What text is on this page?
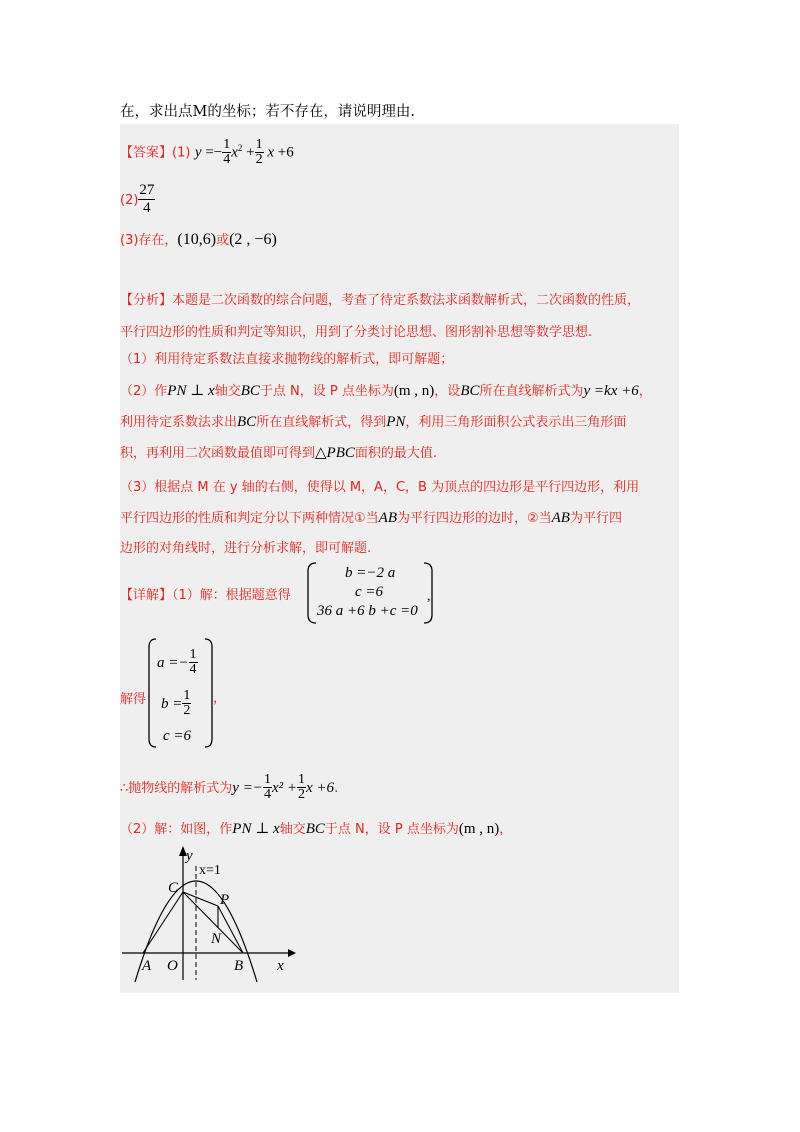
在，求出点M的坐标；若不存在，请说明理由.
【答案】(1) $y =- \frac{1}{4} x^2 + \frac{1}{2}$ x +6
$(2) \frac{27}{4}$
(3)存在，(10,6)或(2 , −6)
【分析】本题是二次函数的综合问题，考查了待定系数法求函数解析式，二次函数的性质，
平行四边形的性质和判定等知识，用到了分类讨论思想、图形割补思想等数学思想.
（1）利用待定系数法直接求抛物线的解析式，即可解题；
（2）作PN ⊥ x轴交BC于点 N，设 P 点坐标为(m , n)，设BC所在直线解析式为y =kx +6，
利用待定系数法求出BC所在直线解析式，得到PN，利用三角形面积公式表示出三角形面
积，再利用二次函数最值即可得到△PBC面积的最大值.
（3）根据点 M 在 y 轴的右侧，使得以 M，A，C，B 为顶点的四边形是平行四边形，利用
平行四边形的性质和判定分以下两种情况①当AB为平行四边形的边时，②当AB为平行四
边形的对角线时，进行分析求解，即可解题.
【详解】（1）解：根据题意得
b =−2 a
c =6
36 a +6 b +c =0
,
解得
$a =- \frac{1}{4}$
$b = \frac{1}{2}$
c =6
，
∴抛物线的解析式为$y =- \frac{1}{4} x^2 + \frac{1}{2}$ x +6.
（2）解：如图，作PN ⊥ x轴交BC于点 N，设 P 点坐标为(m , n)，
y
x
x=1
C
P
N
A O	B
